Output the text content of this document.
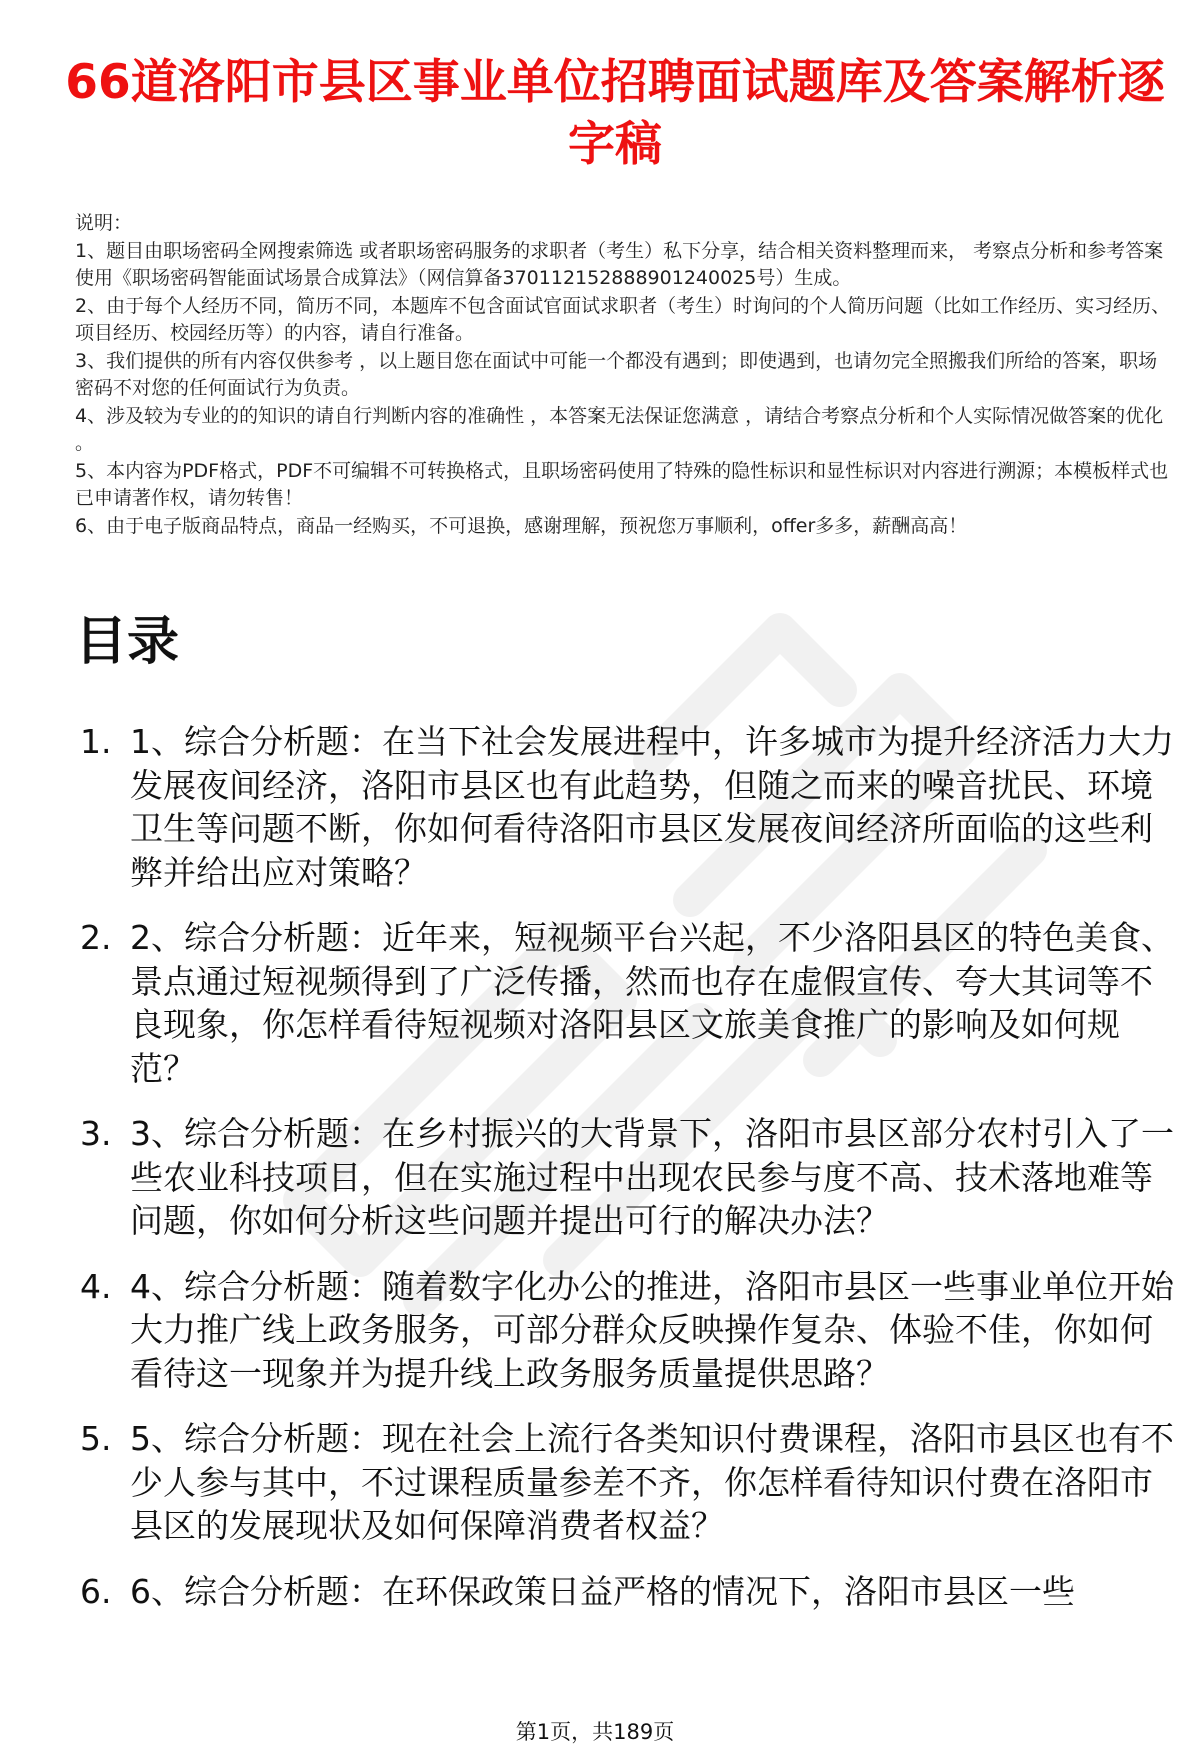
66道洛阳市县区事业单位招聘面试题库及答案解析逐字稿

说明：

1、题目由职场密码全网搜索筛选 或者职场密码服务的求职者（考生）私下分享，结合相关资料整理而来， 考察点分析和参考答案使用《职场密码智能面试场景合成算法》（网信算备370112152888901240025号）生成。

2、由于每个人经历不同，简历不同，本题库不包含面试官面试求职者（考生）时询问的个人简历问题（比如工作经历、实习经历、项目经历、校园经历等）的内容，请自行准备。

3、我们提供的所有内容仅供参考 ，以上题目您在面试中可能一个都没有遇到；即使遇到，也请勿完全照搬我们所给的答案，职场密码不对您的任何面试行为负责。

4、涉及较为专业的的知识的请自行判断内容的准确性 ，本答案无法保证您满意 ，请结合考察点分析和个人实际情况做答案的优化 。

5、本内容为PDF格式，PDF不可编辑不可转换格式，且职场密码使用了特殊的隐性标识和显性标识对内容进行溯源；本模板样式也已申请著作权，请勿转售！

6、由于电子版商品特点，商品一经购买，不可退换，感谢理解，预祝您万事顺利，offer多多，薪酬高高！

目录
1. 1、综合分析题：在当下社会发展进程中，许多城市为提升经济活力大力发展夜间经济，洛阳市县区也有此趋势，但随之而来的噪音扰民、环境卫生等问题不断，你如何看待洛阳市县区发展夜间经济所面临的这些利弊并给出应对策略？
2. 2、综合分析题：近年来，短视频平台兴起，不少洛阳县区的特色美食、景点通过短视频得到了广泛传播，然而也存在虚假宣传、夸大其词等不良现象，你怎样看待短视频对洛阳县区文旅美食推广的影响及如何规范？
3. 3、综合分析题：在乡村振兴的大背景下，洛阳市县区部分农村引入了一些农业科技项目，但在实施过程中出现农民参与度不高、技术落地难等问题，你如何分析这些问题并提出可行的解决办法？
4. 4、综合分析题：随着数字化办公的推进，洛阳市县区一些事业单位开始大力推广线上政务服务，可部分群众反映操作复杂、体验不佳，你如何看待这一现象并为提升线上政务服务质量提供思路？
5. 5、综合分析题：现在社会上流行各类知识付费课程，洛阳市县区也有不少人参与其中，不过课程质量参差不齐，你怎样看待知识付费在洛阳市县区的发展现状及如何保障消费者权益？
6. 6、综合分析题：在环保政策日益严格的情况下，洛阳市县区一些
第1页，共189页
